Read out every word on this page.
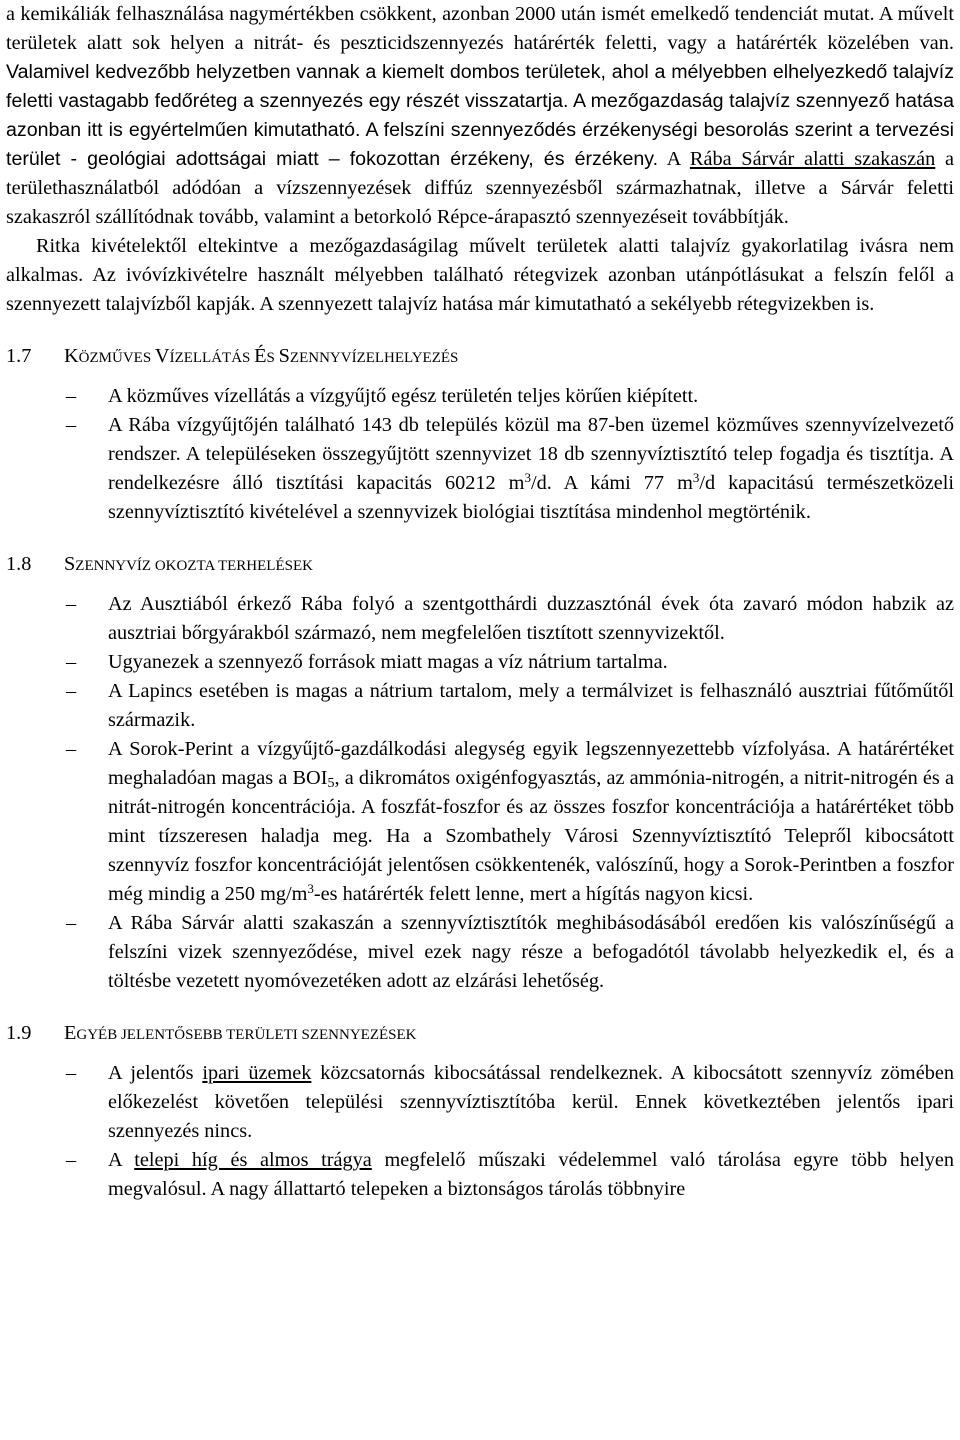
a kemikáliák felhasználása nagymértékben csökkent, azonban 2000 után ismét emelkedő tendenciát mutat. A művelt területek alatt sok helyen a nitrát- és peszticidszennyezés határérték feletti, vagy a határérték közelében van. Valamivel kedvezőbb helyzetben vannak a kiemelt dombos területek, ahol a mélyebben elhelyezkedő talajvíz feletti vastagabb fedőréteg a szennyezés egy részét visszatartja. A mezőgazdaság talajvíz szennyező hatása azonban itt is egyértelműen kimutatható. A felszíni szennyeződés érzékenységi besorolás szerint a tervezési terület - geológiai adottságai miatt – fokozottan érzékeny, és érzékeny. A Rába Sárvár alatti szakaszán a területhasználatból adódóan a vízszennyezések diffúz szennyezésből származhatnak, illetve a Sárvár feletti szakaszról szállítódnak tovább, valamint a betorkoló Répce-árapasztó szennyezéseit továbbítják.

Ritka kivételektől eltekintve a mezőgazdaságilag művelt területek alatti talajvíz gyakorlatilag ivásra nem alkalmas. Az ivóvízkivételre használt mélyebben található rétegvizek azonban utánpótlásukat a felszín felől a szennyezett talajvízből kapják. A szennyezett talajvíz hatása már kimutatható a sekélyebb rétegvizekben is.

1.7	KÖZMŰVES VÍZELLÁTÁS ÉS SZENNYVÍZELHELYEZÉS
– A közműves vízellátás a vízgyűjtő egész területén teljes körűen kiépített.
– A Rába vízgyűjtőjén található 143 db település közül ma 87-ben üzemel közműves szennyvízelvezető rendszer. A településeken összegyűjtött szennyvizet 18 db szennyvíztisztító telep fogadja és tisztítja. A rendelkezésre álló tisztítási kapacitás 60212 $m^3/d$. A kámi 77 $m^3/d$ kapacitású természetközeli szennyvíztisztító kivételével a szennyvizek biológiai tisztítása mindenhol megtörténik.
1.8	SZENNYVÍZ OKOZTA TERHELÉSEK
– Az Ausztiából érkező Rába folyó a szentgotthárdi duzzasztónál évek óta zavaró módon habzik az ausztriai bőrgyárakból származó, nem megfelelően tisztított szennyvizektől.
– Ugyanezek a szennyező források miatt magas a víz nátrium tartalma.
– A Lapincs esetében is magas a nátrium tartalom, mely a termálvizet is felhasználó ausztriai fűtőműtől származik.
– A Sorok-Perint a vízgyűjtő-gazdálkodási alegység egyik legszennyezettebb vízfolyása. A határértéket meghaladóan magas a $BOI_5$, a dikromátos oxigénfogyasztás, az ammónia-nitrogén, a nitrit-nitrogén és a nitrát-nitrogén koncentrációja. A foszfát-foszfor és az összes foszfor koncentrációja a határértéket több mint tízszeresen haladja meg. Ha a Szombathely Városi Szennyvíztisztító Telepről kibocsátott szennyvíz foszfor koncentrációját jelentősen csökkentenék, valószínű, hogy a Sorok-Perintben a foszfor még mindig a 250 $mg/m^3-es$ határérték felett lenne, mert a hígítás nagyon kicsi.
– A Rába Sárvár alatti szakaszán a szennyvíztisztítók meghibásodásából eredően kis valószínűségű a felszíni vizek szennyeződése, mivel ezek nagy része a befogadótól távolabb helyezkedik el, és a töltésbe vezetett nyomóvezetéken adott az elzárási lehetőség.
1.9	EGYÉB JELENTŐSEBB TERÜLETI SZENNYEZÉSEK
– A jelentős ipari üzemek közcsatornás kibocsátással rendelkeznek. A kibocsátott szennyvíz zömében előkezelést követően települési szennyvíztisztítóba kerül. Ennek következtében jelentős ipari szennyezés nincs.
– A telepi híg és almos trágya megfelelő műszaki védelemmel való tárolása egyre több helyen megvalósul. A nagy állattartó telepeken a biztonságos tárolás többnyire
